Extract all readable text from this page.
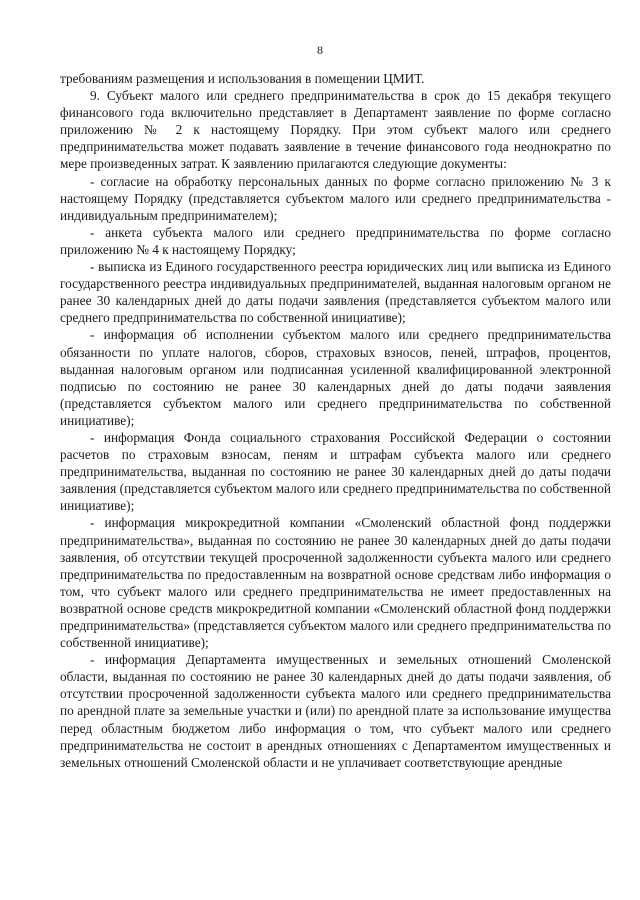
8

требованиям размещения и использования в помещении ЦМИТ.

9. Субъект малого или среднего предпринимательства в срок до 15 декабря текущего финансового года включительно представляет в Департамент заявление по форме согласно приложению № 2 к настоящему Порядку. При этом субъект малого или среднего предпринимательства может подавать заявление в течение финансового года неоднократно по мере произведенных затрат. К заявлению прилагаются следующие документы:

- согласие на обработку персональных данных по форме согласно приложению № 3 к настоящему Порядку (представляется субъектом малого или среднего предпринимательства - индивидуальным предпринимателем);

- анкета субъекта малого или среднего предпринимательства по форме согласно приложению № 4 к настоящему Порядку;

- выписка из Единого государственного реестра юридических лиц или выписка из Единого государственного реестра индивидуальных предпринимателей, выданная налоговым органом не ранее 30 календарных дней до даты подачи заявления (представляется субъектом малого или среднего предпринимательства по собственной инициативе);

- информация об исполнении субъектом малого или среднего предпринимательства обязанности по уплате налогов, сборов, страховых взносов, пеней, штрафов, процентов, выданная налоговым органом или подписанная усиленной квалифицированной электронной подписью по состоянию не ранее 30 календарных дней до даты подачи заявления (представляется субъектом малого или среднего предпринимательства по собственной инициативе);

- информация Фонда социального страхования Российской Федерации о состоянии расчетов по страховым взносам, пеням и штрафам субъекта малого или среднего предпринимательства, выданная по состоянию не ранее 30 календарных дней до даты подачи заявления (представляется субъектом малого или среднего предпринимательства по собственной инициативе);

- информация микрокредитной компании «Смоленский областной фонд поддержки предпринимательства», выданная по состоянию не ранее 30 календарных дней до даты подачи заявления, об отсутствии текущей просроченной задолженности субъекта малого или среднего предпринимательства по предоставленным на возвратной основе средствам либо информация о том, что субъект малого или среднего предпринимательства не имеет предоставленных на возвратной основе средств микрокредитной компании «Смоленский областной фонд поддержки предпринимательства» (представляется субъектом малого или среднего предпринимательства по собственной инициативе);

- информация Департамента имущественных и земельных отношений Смоленской области, выданная по состоянию не ранее 30 календарных дней до даты подачи заявления, об отсутствии просроченной задолженности субъекта малого или среднего предпринимательства по арендной плате за земельные участки и (или) по арендной плате за использование имущества перед областным бюджетом либо информация о том, что субъект малого или среднего предпринимательства не состоит в арендных отношениях с Департаментом имущественных и земельных отношений Смоленской области и не уплачивает соответствующие арендные
